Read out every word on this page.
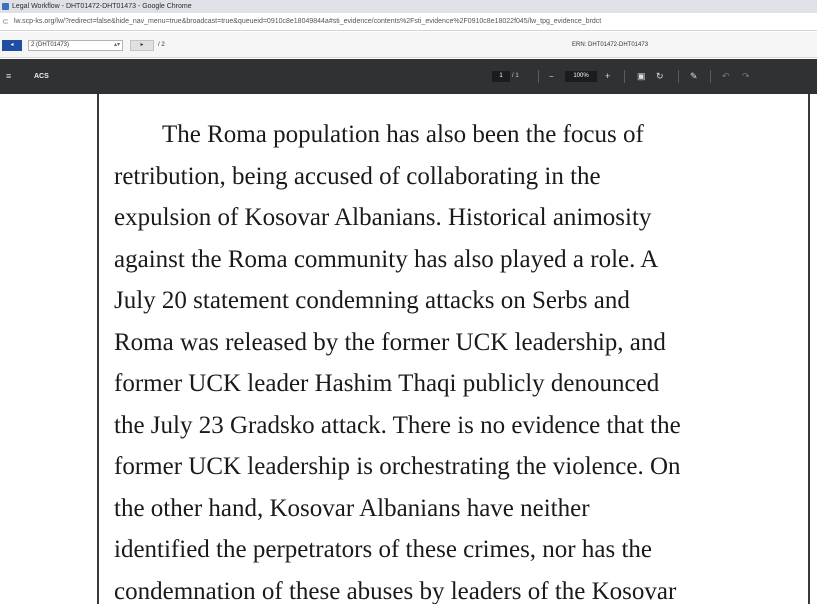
Legal Workflow - DHT01472-DHT01473 - Google Chrome
⊂ lw.scp-ks.org/lw/?redirect=false&hide_nav_menu=true&broadcast=true&queueid=0910c8e18049844a#sti_evidence/contents%2Fsti_evidence%2F0910c8e18022f045/lw_tpg_evidence_brdct
◂	2 (DHT01473)	▴▾	▸	/ 2	ERN: DHT01472-DHT01473
≡	ACS	1	/ 1	−	100%	+	▣ ↻	✎	↶ ↷
The Roma population has also been the focus of
retribution, being accused of collaborating in the
expulsion of Kosovar Albanians. Historical animosity
against the Roma community has also played a role. A
July 20 statement condemning attacks on Serbs and
Roma was released by the former UCK leadership, and
former UCK leader Hashim Thaqi publicly denounced
the July 23 Gradsko attack. There is no evidence that the
former UCK leadership is orchestrating the violence. On
the other hand, Kosovar Albanians have neither
identified the perpetrators of these crimes, nor has the
condemnation of these abuses by leaders of the Kosovar
